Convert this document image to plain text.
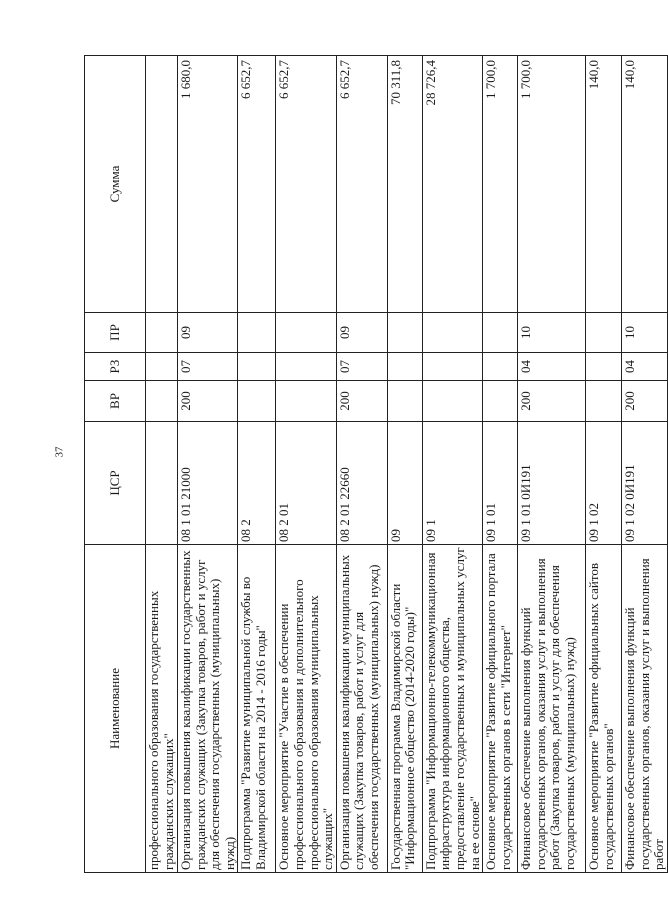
37
Наименование	ЦСР	ВР	РЗ	ПР	Сумма
профессионального образования государственных гражданских служащих"					
Организация повышения квалификации государственных гражданских служащих (Закупка товаров, работ и услуг для обеспечения государственных (муниципальных) нужд)	08 1 01 21000	200	07	09	1 680,0
Подпрограмма "Развитие муниципальной службы во Владимирской области на 2014 - 2016 годы"	08 2				6 652,7
Основное мероприятие "Участие в обеспечении профессионального образования и дополнительного профессионального образования муниципальных служащих"	08 2 01				6 652,7
Организация повышения квалификации муниципальных служащих (Закупка товаров, работ и услуг для обеспечения государственных (муниципальных) нужд)	08 2 01 22660	200	07	09	6 652,7
Государственная программа Владимирской области "Информационное общество (2014-2020 годы)"	09				70 311,8
Подпрограмма "Информационно-телекоммуникационная инфраструктура информационного общества, предоставление государственных и муниципальных услуг на ее основе"	09 1				28 726,4
Основное мероприятие "Развитие официального портала государственных органов в сети "Интернет"	09 1 01				1 700,0
Финансовое обеспечение выполнения функций государственных органов, оказания услуг и выполнения работ (Закупка товаров, работ и услуг для обеспечения государственных (муниципальных) нужд)	09 1 01 0И191	200	04	10	1 700,0
Основное мероприятие "Развитие официальных сайтов государственных органов"	09 1 02				140,0
Финансовое обеспечение выполнения функций государственных органов, оказания услуг и выполнения работ	09 1 02 0И191	200	04	10	140,0
